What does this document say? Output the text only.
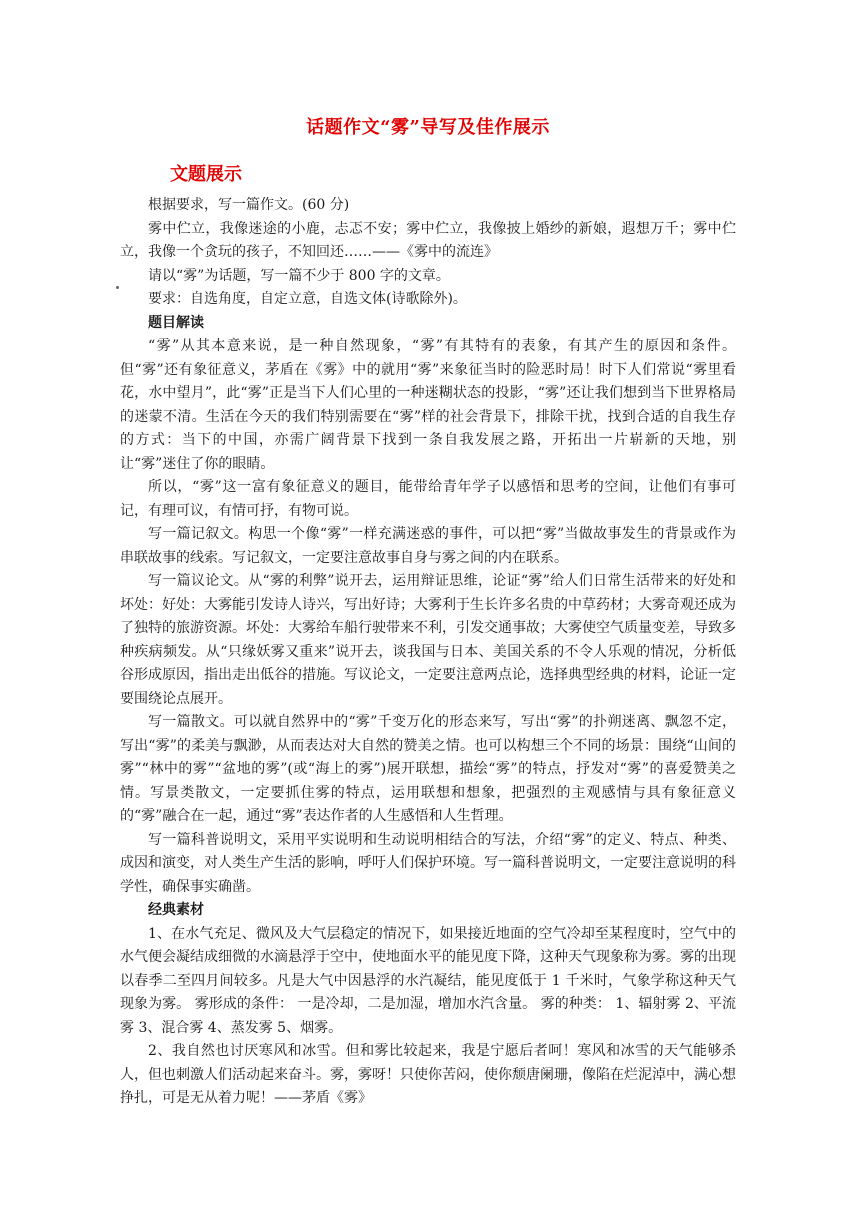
话题作文“雾”导写及佳作展示
文题展示

根据要求，写一篇作文。(60 分)

雾中伫立，我像迷途的小鹿，忐忑不安；雾中伫立，我像披上婚纱的新娘，遐想万千；雾中伫立，我像一个贪玩的孩子，不知回还……——《雾中的流连》

请以“雾”为话题，写一篇不少于 800 字的文章。

要求：自选角度，自定立意，自选文体(诗歌除外)。

题目解读

“雾”从其本意来说，是一种自然现象，“雾”有其特有的表象，有其产生的原因和条件。但“雾”还有象征意义，茅盾在《雾》中的就用“雾”来象征当时的险恶时局！时下人们常说“雾里看花，水中望月”，此“雾”正是当下人们心里的一种迷糊状态的投影，“雾”还让我们想到当下世界格局的迷蒙不清。生活在今天的我们特别需要在“雾”样的社会背景下，排除干扰，找到合适的自我生存的方式：当下的中国，亦需广阔背景下找到一条自我发展之路，开拓出一片崭新的天地，别让“雾”迷住了你的眼睛。

所以，“雾”这一富有象征意义的题目，能带给青年学子以感悟和思考的空间，让他们有事可记，有理可议，有情可抒，有物可说。

写一篇记叙文。构思一个像“雾”一样充满迷惑的事件，可以把“雾”当做故事发生的背景或作为串联故事的线索。写记叙文，一定要注意故事自身与雾之间的内在联系。

写一篇议论文。从“雾的利弊”说开去，运用辩证思维，论证“雾”给人们日常生活带来的好处和坏处：好处：大雾能引发诗人诗兴，写出好诗；大雾利于生长许多名贵的中草药材；大雾奇观还成为了独特的旅游资源。坏处：大雾给车船行驶带来不利，引发交通事故；大雾使空气质量变差，导致多种疾病频发。从“只缘妖雾又重来”说开去，谈我国与日本、美国关系的不令人乐观的情况，分析低谷形成原因，指出走出低谷的措施。写议论文，一定要注意两点论，选择典型经典的材料，论证一定要围绕论点展开。

写一篇散文。可以就自然界中的“雾”千变万化的形态来写，写出“雾”的扑朔迷离、飘忽不定，写出“雾”的柔美与飘渺，从而表达对大自然的赞美之情。也可以构想三个不同的场景：围绕“山间的雾”“林中的雾”“盆地的雾”(或“海上的雾”)展开联想，描绘“雾”的特点，抒发对“雾”的喜爱赞美之情。写景类散文，一定要抓住雾的特点，运用联想和想象，把强烈的主观感情与具有象征意义的“雾”融合在一起，通过“雾”表达作者的人生感悟和人生哲理。

写一篇科普说明文，采用平实说明和生动说明相结合的写法，介绍“雾”的定义、特点、种类、成因和演变，对人类生产生活的影响，呼吁人们保护环境。写一篇科普说明文，一定要注意说明的科学性，确保事实确凿。

经典素材

1、在水气充足、微风及大气层稳定的情况下，如果接近地面的空气冷却至某程度时，空气中的水气便会凝结成细微的水滴悬浮于空中，使地面水平的能见度下降，这种天气现象称为雾。雾的出现以春季二至四月间较多。凡是大气中因悬浮的水汽凝结，能见度低于 1 千米时，气象学称这种天气现象为雾。 雾形成的条件： 一是冷却，二是加湿，增加水汽含量。 雾的种类： 1、辐射雾 2、平流雾 3、混合雾 4、蒸发雾 5、烟雾。

2、我自然也讨厌寒风和冰雪。但和雾比较起来，我是宁愿后者呵！寒风和冰雪的天气能够杀人，但也刺激人们活动起来奋斗。雾，雾呀！只使你苦闷，使你颓唐阑珊，像陷在烂泥淖中，满心想挣扎，可是无从着力呢！——茅盾《雾》
